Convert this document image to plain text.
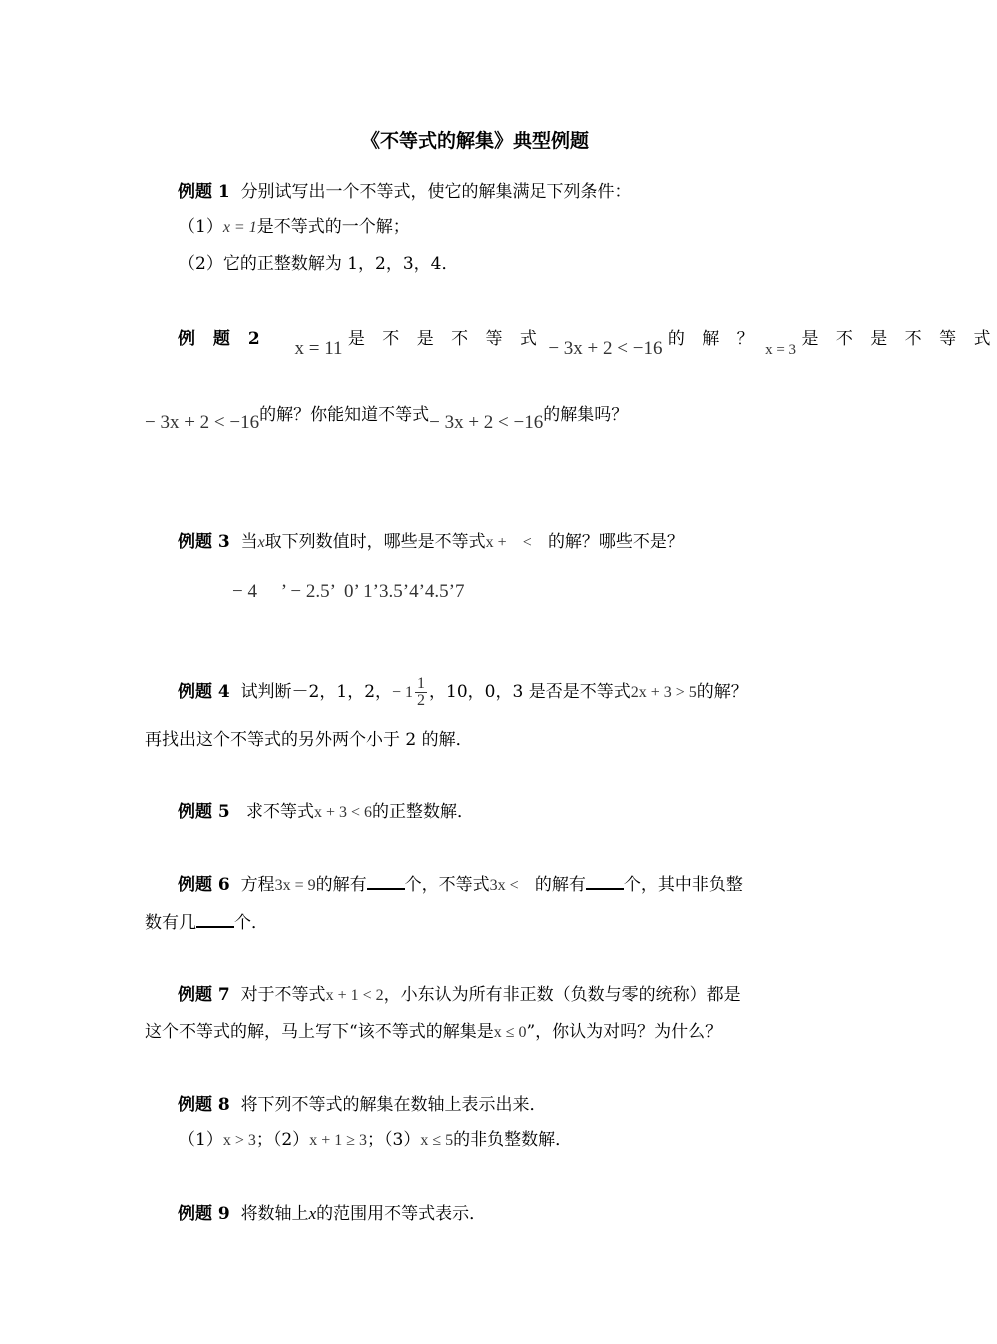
《不等式的解集》典型例题
例题 1 分别试写出一个不等式，使它的解集满足下列条件：
（1）x = 1是不等式的一个解；
（2）它的正整数解为 1，2，3，4．
例 题 2 x = 11 是 不 是 不 等 式 − 3x + 2 < −16 的 解 ？ x = 3 是 不 是 不 等 式
− 3x + 2 < −16的解？你能知道不等式− 3x + 2 < −16的解集吗？
例题 3 当x取下列数值时，哪些是不等式x +    < 的解？哪些不是？
− 4     ’ − 2.5’  0’ 1’3.5’4’4.5’7
例题 4 试判断－2，1，2，− $1 \frac{1}{2}$ ，10，0，3 是否是不等式2x + 3 > 5的解？
再找出这个不等式的另外两个小于 2 的解．
例题 5 求不等式x + 3 < 6的正整数解．
例题 6 方程3x = 9的解有 个，不等式3x < 的解有 个，其中非负整
数有几 个．
例题 7 对于不等式x + 1 < 2，小东认为所有非正数（负数与零的统称）都是
这个不等式的解，马上写下“该不等式的解集是x ≤ 0”，你认为对吗？为什么？
例题 8 将下列不等式的解集在数轴上表示出来．
（1）x > 3；（2）x + 1 ≥ 3；（3）x ≤ 5的非负整数解．
例题 9 将数轴上x的范围用不等式表示．
